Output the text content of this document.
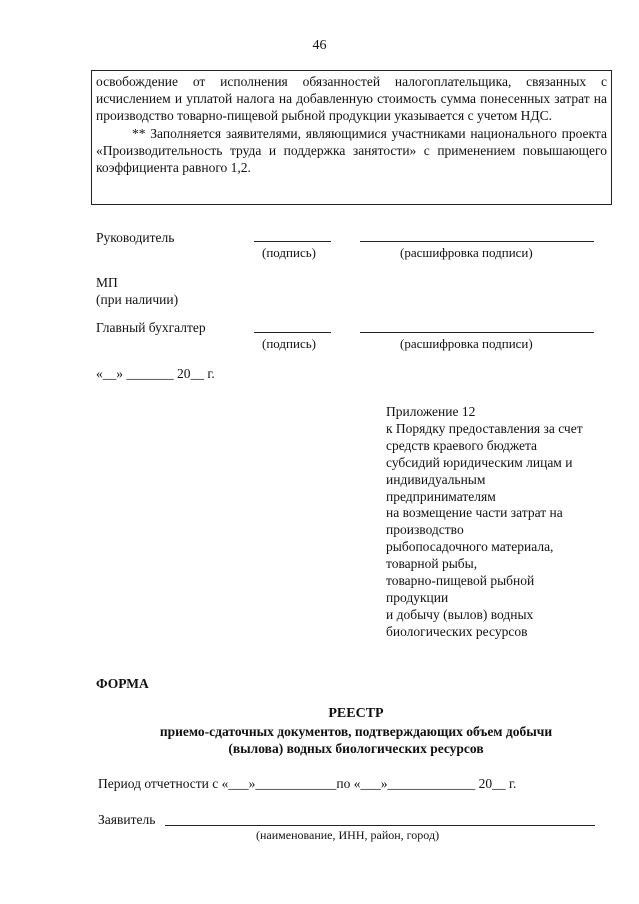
46

освобождение от исполнения обязанностей налогоплательщика, связанных с исчислением и уплатой налога на добавленную стоимость сумма понесенных затрат на производство товарно-пищевой рыбной продукции указывается с учетом НДС.

** Заполняется заявителями, являющимися участниками национального проекта «Производительность труда и поддержка занятости» с применением повышающего коэффициента равного 1,2.

Руководитель
(подпись)	(расшифровка подписи)
МП
(при наличии)
Главный бухгалтер
(подпись)	(расшифровка подписи)
«__» _______ 20__ г.
Приложение 12
к Порядку предоставления за счет
средств краевого бюджета
субсидий юридическим лицам и
индивидуальным
предпринимателям
на возмещение части затрат на
производство
рыбопосадочного материала,
товарной рыбы,
товарно-пищевой рыбной
продукции
и добычу (вылов) водных
биологических ресурсов
ФОРМА
РЕЕСТР
приемо-сдаточных документов, подтверждающих объем добычи
(вылова) водных биологических ресурсов
Период отчетности с «___»____________по «___»_____________ 20__ г.
Заявитель
(наименование, ИНН, район, город)
